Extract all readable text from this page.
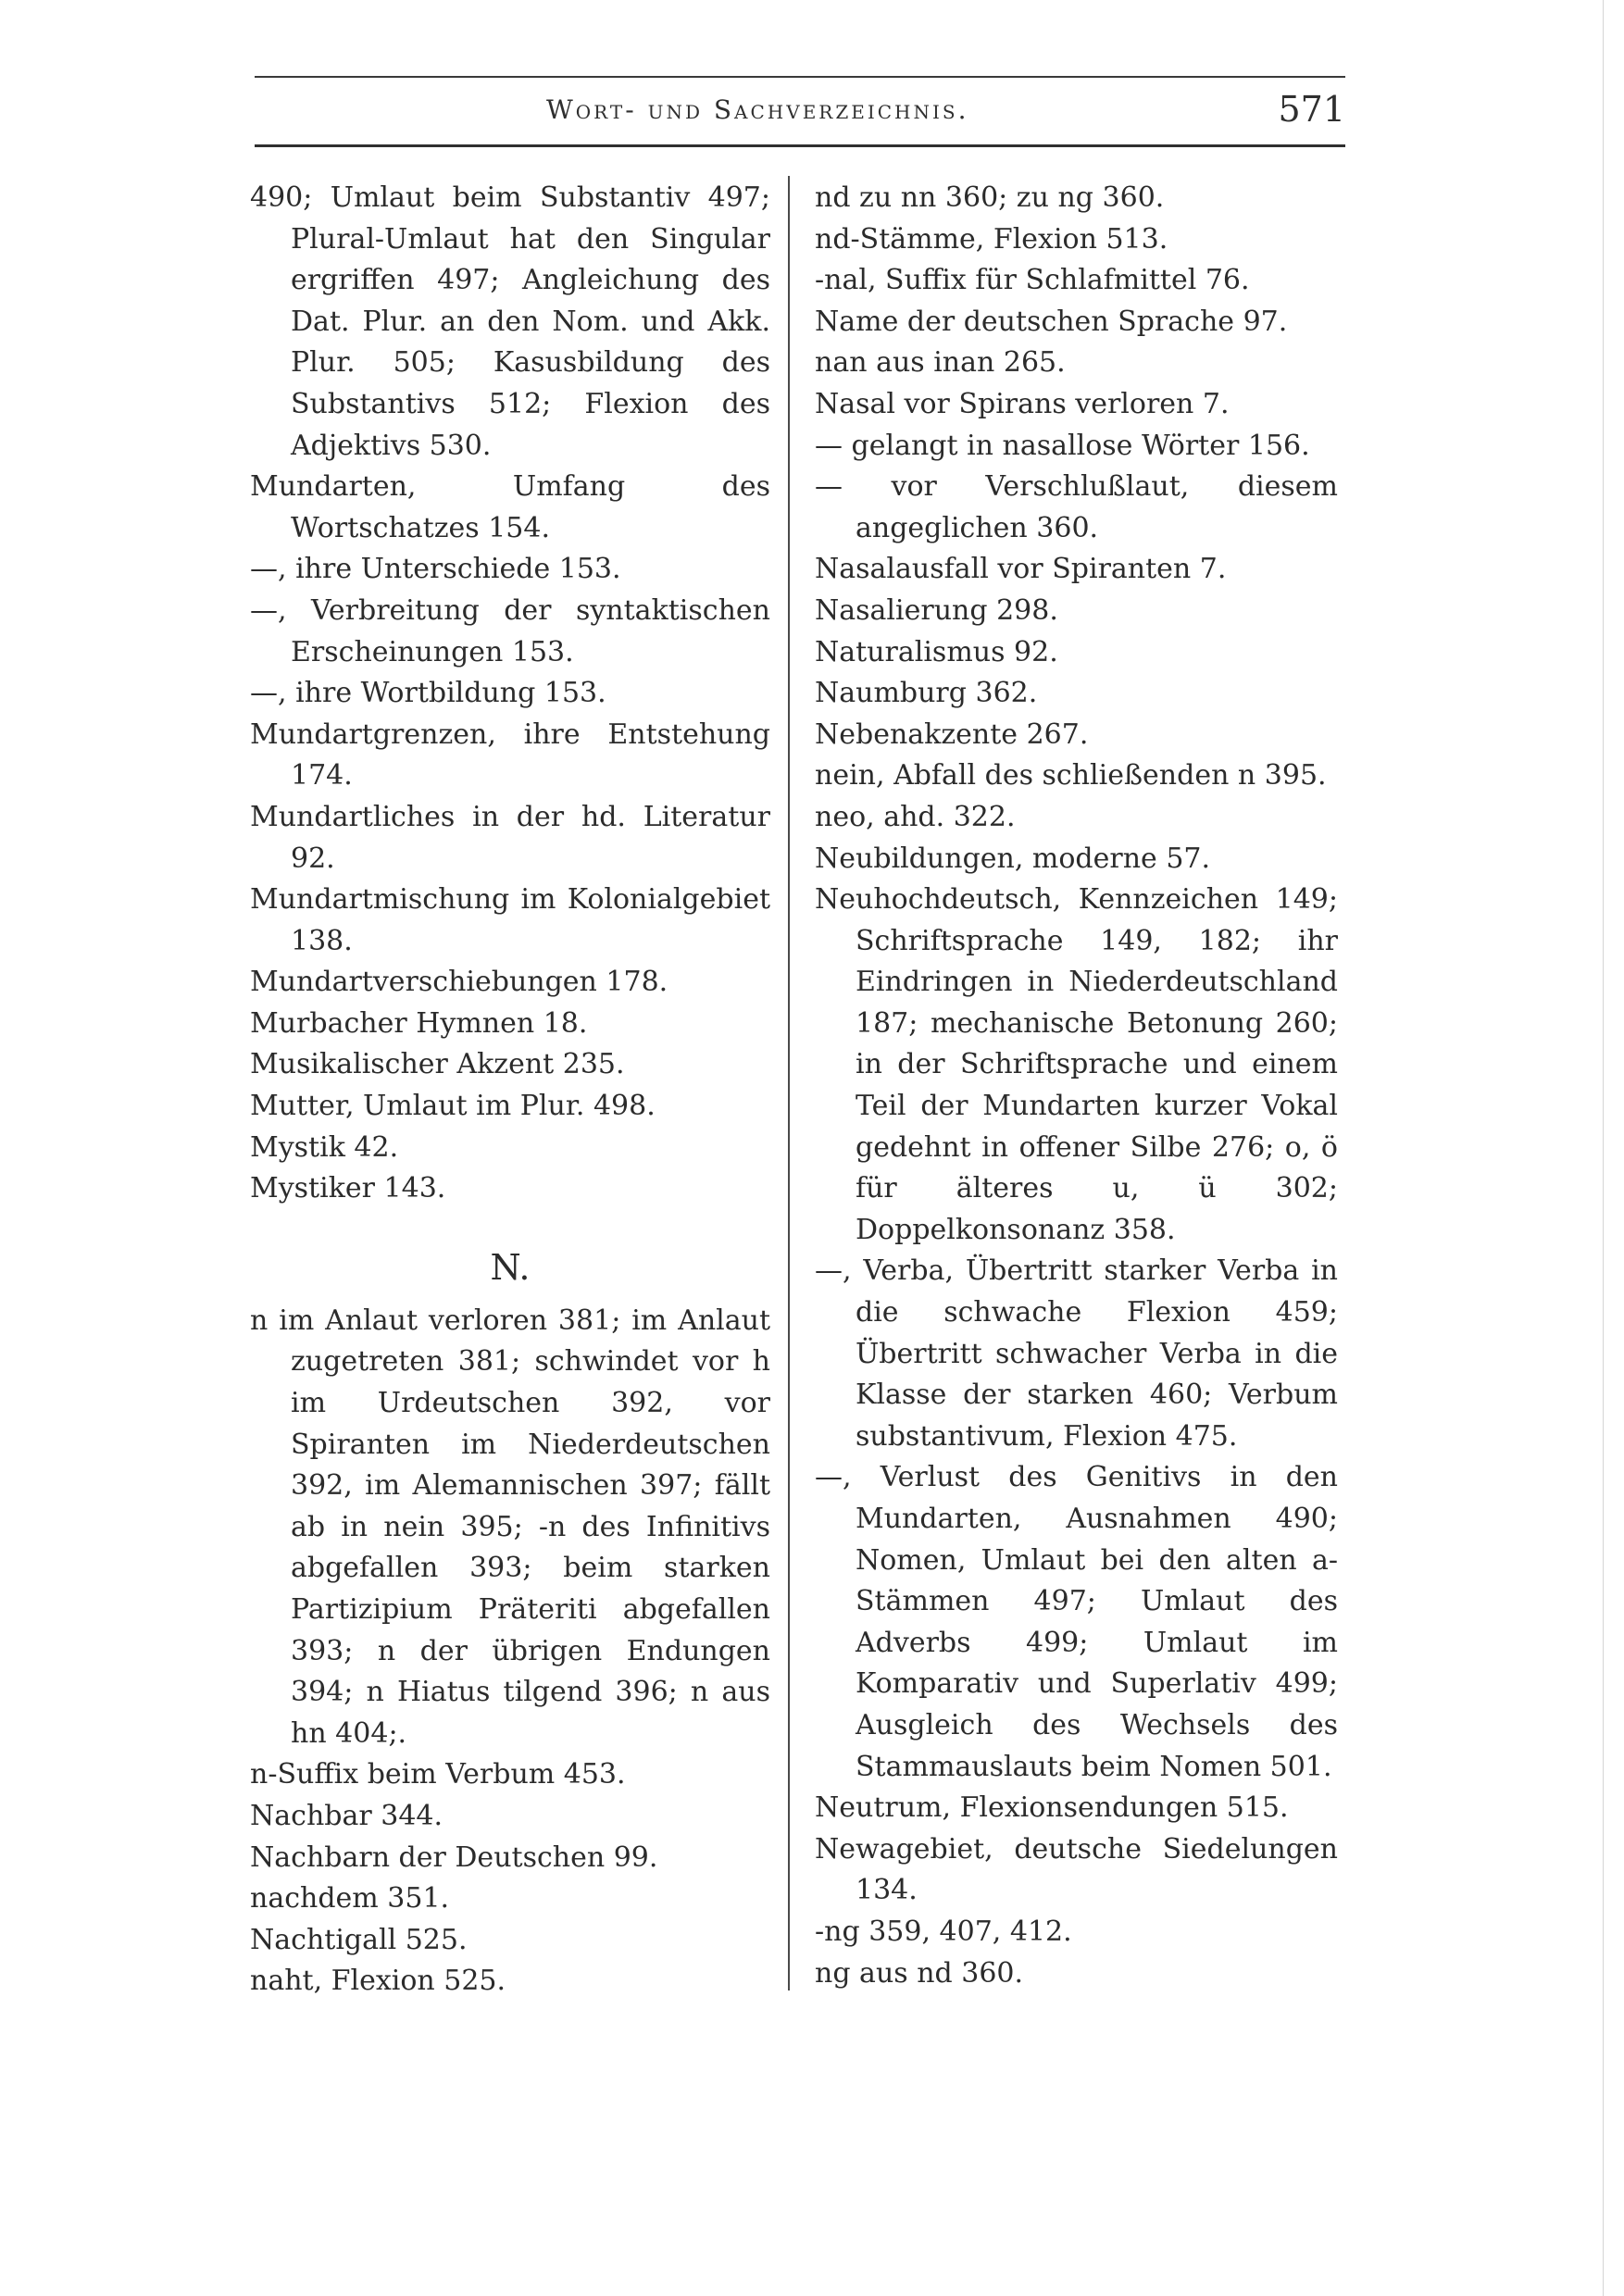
Wort- und Sachverzeichnis.	571

490; Umlaut beim Substantiv 497; Plural-Umlaut hat den Singular ergriffen 497; Angleichung des Dat. Plur. an den Nom. und Akk. Plur. 505; Kasusbildung des Substantivs 512; Flexion des Adjektivs 530.

Mundarten, Umfang des Wortschatzes 154.

—, ihre Unterschiede 153.

—, Verbreitung der syntaktischen Erscheinungen 153.

—, ihre Wortbildung 153.

Mundartgrenzen, ihre Entstehung 174.

Mundartliches in der hd. Literatur 92.

Mundartmischung im Kolonialgebiet 138.

Mundartverschiebungen 178.

Murbacher Hymnen 18.

Musikalischer Akzent 235.

Mutter, Umlaut im Plur. 498.

Mystik 42.

Mystiker 143.

N.

n im Anlaut verloren 381; im Anlaut zugetreten 381; schwindet vor h im Urdeutschen 392, vor Spiranten im Niederdeutschen 392, im Alemannischen 397; fällt ab in nein 395; -n des Infinitivs abgefallen 393; beim starken Partizipium Präteriti abgefallen 393; n der übrigen Endungen 394; n Hiatus tilgend 396; n aus hn 404;.

n-Suffix beim Verbum 453.

Nachbar 344.

Nachbarn der Deutschen 99.

nachdem 351.

Nachtigall 525.

naht, Flexion 525.

nd zu nn 360; zu ng 360.

nd-Stämme, Flexion 513.

-nal, Suffix für Schlafmittel 76.

Name der deutschen Sprache 97.

nan aus inan 265.

Nasal vor Spirans verloren 7.

— gelangt in nasallose Wörter 156.

— vor Verschlußlaut, diesem angeglichen 360.

Nasalausfall vor Spiranten 7.

Nasalierung 298.

Naturalismus 92.

Naumburg 362.

Nebenakzente 267.

nein, Abfall des schließenden n 395.

neo, ahd. 322.

Neubildungen, moderne 57.

Neuhochdeutsch, Kennzeichen 149; Schriftsprache 149, 182; ihr Eindringen in Niederdeutschland 187; mechanische Betonung 260; in der Schriftsprache und einem Teil der Mundarten kurzer Vokal gedehnt in offener Silbe 276; o, ö für älteres u, ü 302; Doppelkonsonanz 358.

—, Verba, Übertritt starker Verba in die schwache Flexion 459; Übertritt schwacher Verba in die Klasse der starken 460; Verbum substantivum, Flexion 475.

—, Verlust des Genitivs in den Mundarten, Ausnahmen 490; Nomen, Umlaut bei den alten a-Stämmen 497; Umlaut des Adverbs 499; Umlaut im Komparativ und Superlativ 499; Ausgleich des Wechsels des Stammauslauts beim Nomen 501.

Neutrum, Flexionsendungen 515.

Newagebiet, deutsche Siedelungen 134.

-ng 359, 407, 412.

ng aus nd 360.
